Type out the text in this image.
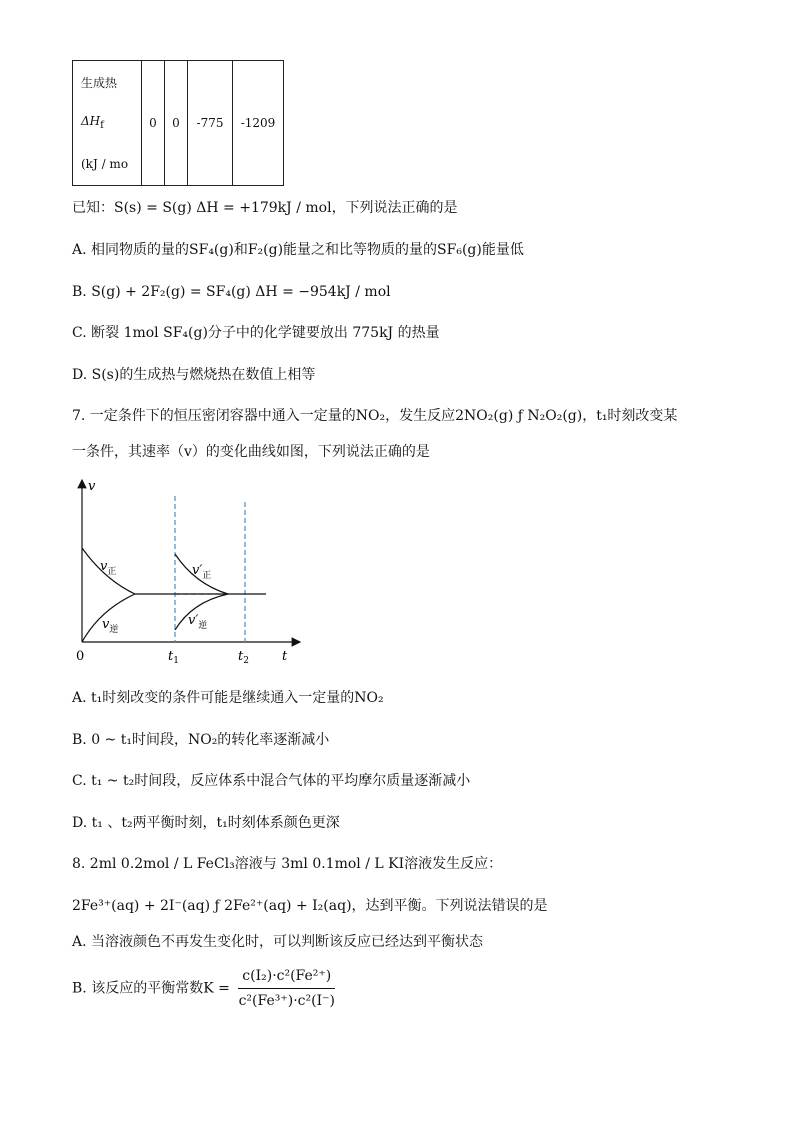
生成热
$\Delta H_f$
(kJ / mo
	0	0	-775	-1209
已知：S(s) = S(g) ΔH = +179kJ / mol，下列说法正确的是
A. 相同物质的量的SF₄(g)和F₂(g)能量之和比等物质的量的SF₆(g)能量低
B. S(g) + 2F₂(g) = SF₄(g) ΔH = −954kJ / mol
C. 断裂 1mol SF₄(g)分子中的化学键要放出 775kJ 的热量
D. S(s)的生成热与燃烧热在数值上相等
7. 一定条件下的恒压密闭容器中通入一定量的NO₂，发生反应2NO₂(g) ƒ N₂O₂(g)，t₁时刻改变某
一条件，其速率（v）的变化曲线如图，下列说法正确的是
v
t
0	$t_1$	$t_2$
$v_正$
$v_逆$
$v'_正$
$v'_逆$
A. t₁时刻改变的条件可能是继续通入一定量的NO₂
B. 0 ~ t₁时间段，NO₂的转化率逐渐减小
C. t₁ ~ t₂时间段，反应体系中混合气体的平均摩尔质量逐渐减小
D. t₁ 、t₂两平衡时刻，t₁时刻体系颜色更深
8. 2ml 0.2mol / L FeCl₃溶液与 3ml 0.1mol / L KI溶液发生反应：
2Fe³⁺(aq) + 2I⁻(aq) ƒ 2Fe²⁺(aq) + I₂(aq)，达到平衡。下列说法错误的是
A. 当溶液颜色不再发生变化时，可以判断该反应已经达到平衡状态
B. 该反应的平衡常数$K = \frac{\text{c(I₂)·c²(Fe²⁺)}}{\text{c²(Fe³⁺)·c²(I⁻)}}$
